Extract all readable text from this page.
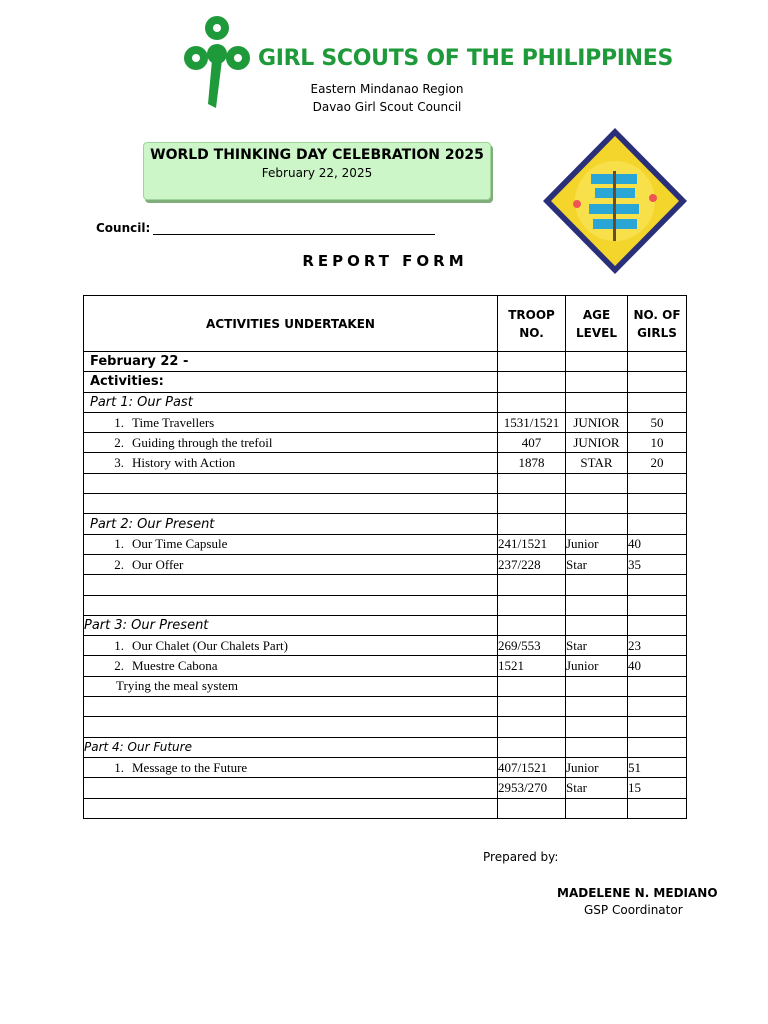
GIRL SCOUTS OF THE PHILIPPINES
Eastern Mindanao Region
Davao Girl Scout Council
WORLD THINKING DAY CELEBRATION 2025
February 22, 2025
Council:
REPORT FORM
ACTIVITIES UNDERTAKEN	TROOP NO.	AGE LEVEL	NO. OF GIRLS
February 22 -			
Activities:			
Part 1: Our Past			
1. Time Travellers	1531/1521	JUNIOR	50
2. Guiding through the trefoil	407	JUNIOR	10
3. History with Action	1878	STAR	20

Part 2: Our Present			
1. Our Time Capsule	241/1521	Junior	40
2. Our Offer	237/228	Star	35

Part 3: Our Present			
1. Our Chalet (Our Chalets Part)	269/553	Star	23
2. Muestre Cabona	1521	Junior	40
Trying the meal system			

Part 4: Our Future			
1. Message to the Future	407/1521	Junior	51
	2953/270	Star	15

Prepared by:
MADELENE N. MEDIANO
GSP Coordinator
